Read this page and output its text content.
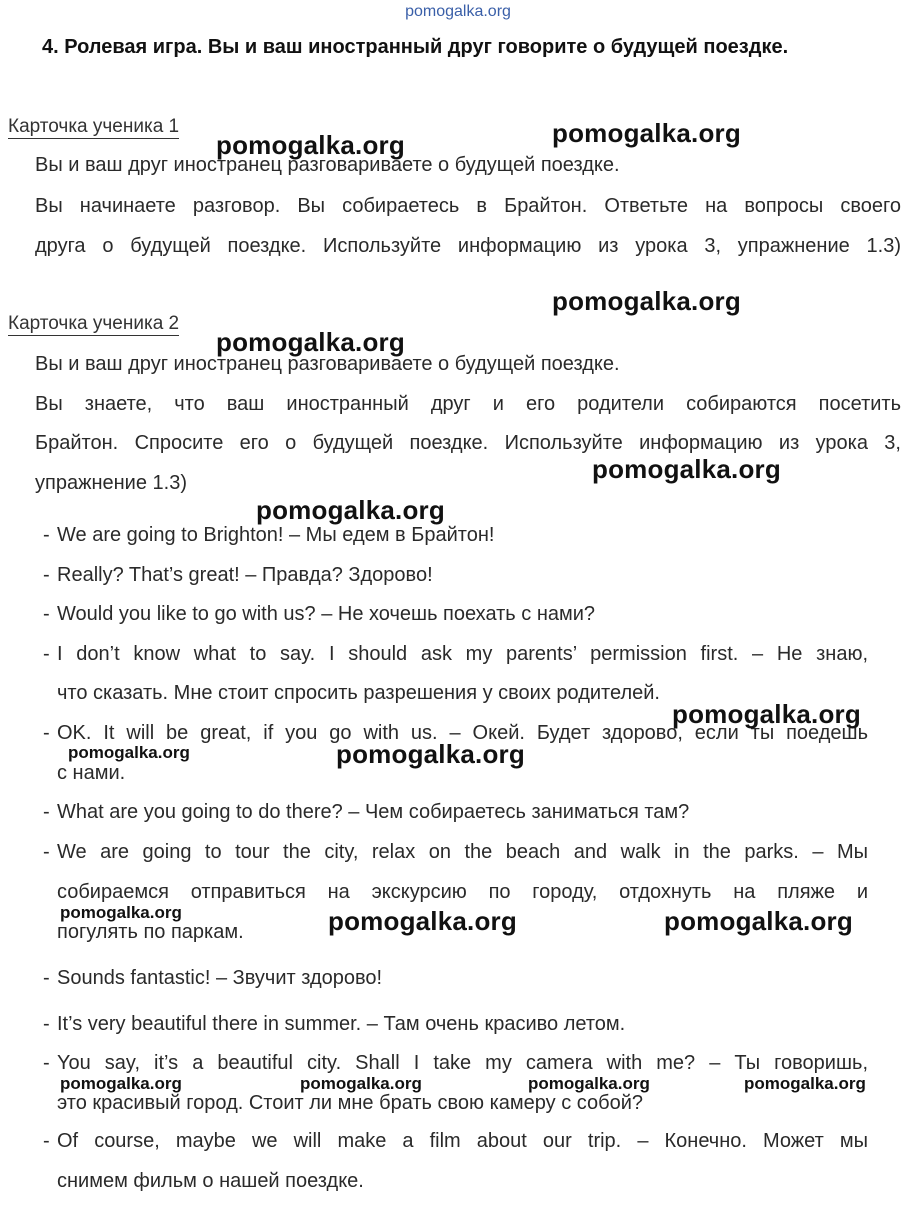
pomogalka.org
4. Ролевая игра. Вы и ваш иностранный друг говорите о будущей поездке.
Карточка ученика 1
Вы и ваш друг иностранец разговариваете о будущей поездке.
Вы начинаете разговор. Вы собираетесь в Брайтон. Ответьте на вопросы своего
друга о будущей поездке. Используйте информацию из урока 3, упражнение 1.3)
Карточка ученика 2
Вы и ваш друг иностранец разговариваете о будущей поездке.
Вы знаете, что ваш иностранный друг и его родители собираются посетить
Брайтон. Спросите его о будущей поездке. Используйте информацию из урока 3,
упражнение 1.3)
- We are going to Brighton! – Мы едем в Брайтон!
- Really? That’s great! – Правда? Здорово!
- Would you like to go with us? – Не хочешь поехать с нами?
- I don’t know what to say. I should ask my parents’ permission first. – Не знаю,
что сказать. Мне стоит спросить разрешения у своих родителей.
- OK. It will be great, if you go with us. – Окей. Будет здорово, если ты поедешь
с нами.
- What are you going to do there? – Чем собираетесь заниматься там?
- We are going to tour the city, relax on the beach and walk in the parks. – Мы
собираемся отправиться на экскурсию по городу, отдохнуть на пляже и
погулять по паркам.
- Sounds fantastic! – Звучит здорово!
- It’s very beautiful there in summer. – Там очень красиво летом.
- You say, it’s a beautiful city. Shall I take my camera with me? – Ты говоришь,
это красивый город. Стоит ли мне брать свою камеру с собой?
- Of course, maybe we will make a film about our trip. – Конечно. Может мы
снимем фильм о нашей поездке.
pomogalka.org	pomogalka.org
pomogalka.org
pomogalka.org
pomogalka.org
pomogalka.org
pomogalka.org
pomogalka.org
pomogalka.org	pomogalka.org
pomogalka.org
pomogalka.org
pomogalka.org	pomogalka.org	pomogalka.org	pomogalka.org
